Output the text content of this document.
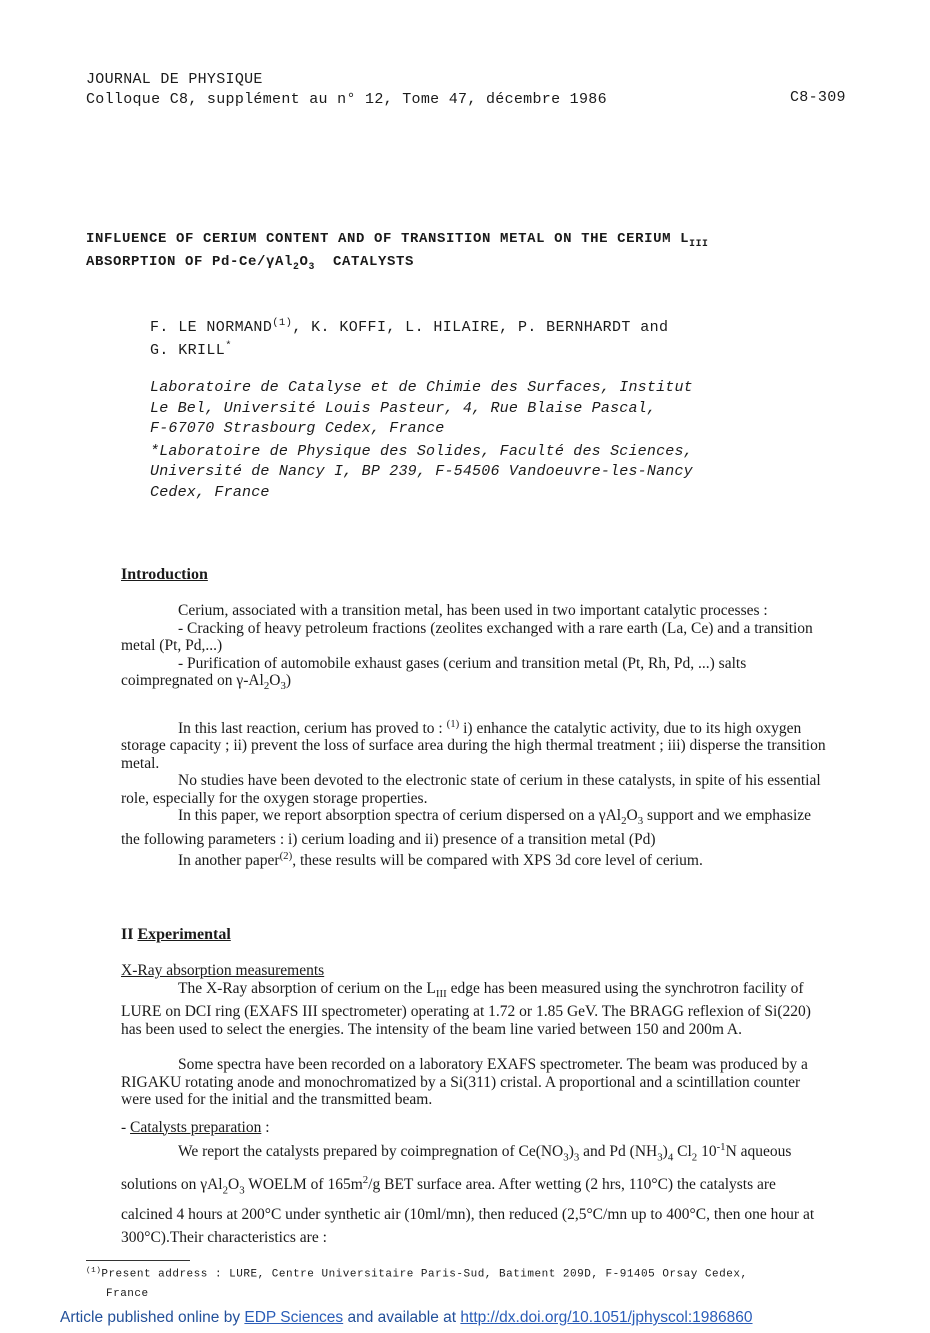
JOURNAL DE PHYSIQUE
Colloque C8, supplément au n° 12, Tome 47, décembre 1986	C8-309
INFLUENCE OF CERIUM CONTENT AND OF TRANSITION METAL ON THE CERIUM $L_{III}$
ABSORPTION OF $Pd-Ce/\gamma Al_2O_3$ CATALYSTS
F. LE NORMAND$^{(1)}$, K. KOFFI, L. HILAIRE, P. BERNHARDT and
G. KRILL*
Laboratoire de Catalyse et de Chimie des Surfaces, Institut
Le Bel, Université Louis Pasteur, 4, Rue Blaise Pascal,
F-67070 Strasbourg Cedex, France
*Laboratoire de Physique des Solides, Faculté des Sciences,
Université de Nancy I, BP 239, F-54506 Vandoeuvre-les-Nancy
Cedex, France
Introduction

Cerium, associated with a transition metal, has been used in two important catalytic processes :

- Cracking of heavy petroleum fractions (zeolites exchanged with a rare earth (La, Ce) and a transition metal (Pt, Pd,...)

- Purification of automobile exhaust gases (cerium and transition metal (Pt, Rh, Pd, ...) salts coimpregnated on $\gamma-Al_2O_3$)

In this last reaction, cerium has proved to : $^{(1)}$ i) enhance the catalytic activity, due to its high oxygen storage capacity ; ii) prevent the loss of surface area during the high thermal treatment ; iii) disperse the transition metal.

No studies have been devoted to the electronic state of cerium in these catalysts, in spite of his essential role, especially for the oxygen storage properties.

In this paper, we report absorption spectra of cerium dispersed on a $\gamma Al_2O_3$ support and we emphasize the following parameters : i) cerium loading and ii) presence of a transition metal (Pd)

In another paper$^{(2)}$, these results will be compared with XPS 3d core level of cerium.

II Experimental
X-Ray absorption measurements

The X-Ray absorption of cerium on the $L_{III}$ edge has been measured using the synchrotron facility of LURE on DCI ring (EXAFS III spectrometer) operating at 1.72 or 1.85 GeV. The BRAGG reflexion of Si(220) has been used to select the energies. The intensity of the beam line varied between 150 and 200m A.

Some spectra have been recorded on a laboratory EXAFS spectrometer. The beam was produced by a RIGAKU rotating anode and monochromatized by a Si(311) cristal. A proportional and a scintillation counter were used for the initial and the transmitted beam.

- Catalysts preparation :

We report the catalysts prepared by coimpregnation of $Ce(NO_3)_3$ and Pd $(NH_3)_4$ $Cl_2$ $10^{-1}N$ aqueous solutions on $\gamma Al_2O_3$ WOELM of $165m^2/g$ BET surface area. After wetting (2 hrs, 110°C) the catalysts are calcined 4 hours at 200°C under synthetic air (10ml/mn), then reduced (2,5°C/mn up to 400°C, then one hour at 300°C).Their characteristics are :

$^{(1)}$Present address : LURE, Centre Universitaire Paris-Sud, Batiment 209D, F-91405 Orsay Cedex,
France
Article published online by EDP Sciences and available at http://dx.doi.org/10.1051/jphyscol:1986860
